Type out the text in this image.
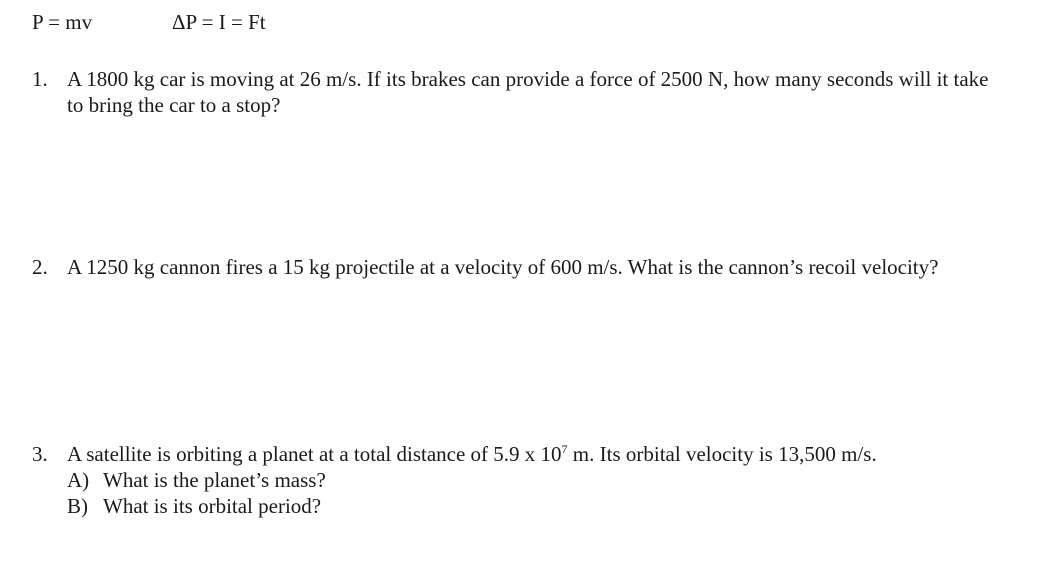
P = mv	ΔP = I = Ft
1. A 1800 kg car is moving at 26 m/s. If its brakes can provide a force of 2500 N, how many seconds will it take to bring the car to a stop?
2. A 1250 kg cannon fires a 15 kg projectile at a velocity of 600 m/s. What is the cannon’s recoil velocity?
3. A satellite is orbiting a planet at a total distance of 5.9 x $10^7$ m. Its orbital velocity is 13,500 m/s.
A) What is the planet’s mass?
B) What is its orbital period?
